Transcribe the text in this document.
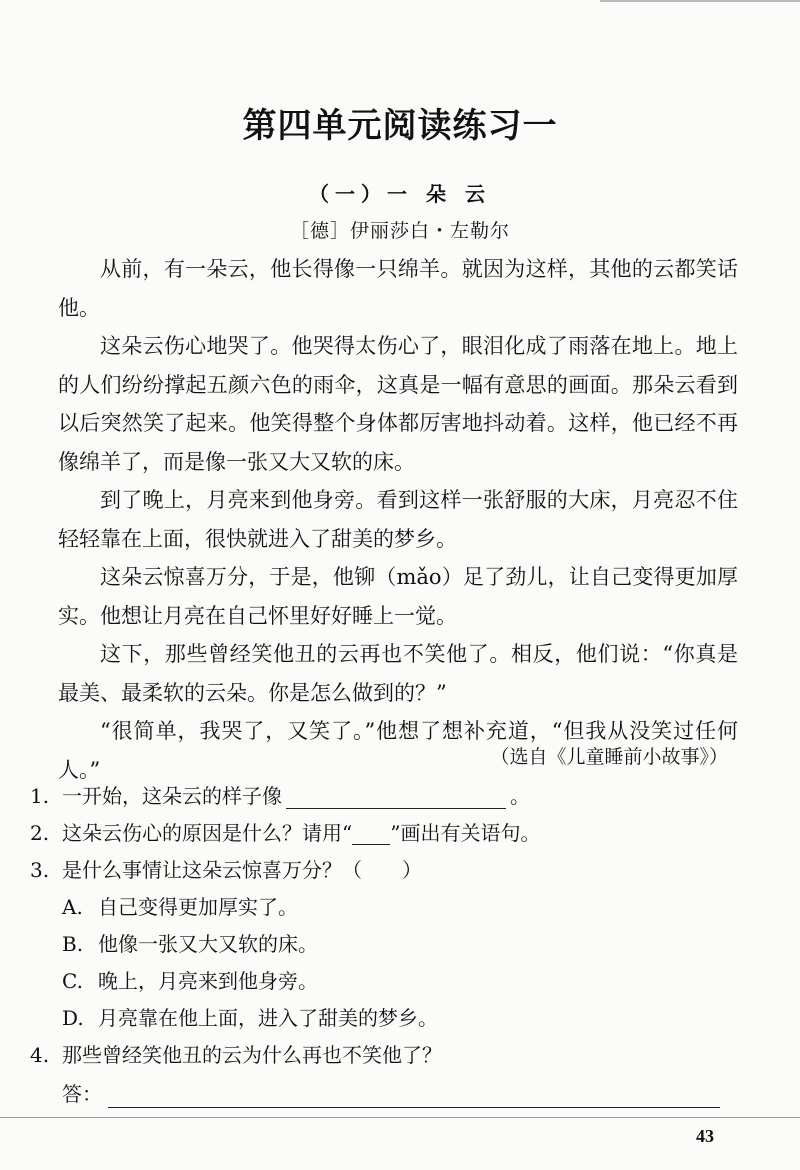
第四单元阅读练习一
（一）一 朵 云
［德］伊丽莎白・左勒尔

从前，有一朵云，他长得像一只绵羊。就因为这样，其他的云都笑话他。

这朵云伤心地哭了。他哭得太伤心了，眼泪化成了雨落在地上。地上的人们纷纷撑起五颜六色的雨伞，这真是一幅有意思的画面。那朵云看到以后突然笑了起来。他笑得整个身体都厉害地抖动着。这样，他已经不再像绵羊了，而是像一张又大又软的床。

到了晚上，月亮来到他身旁。看到这样一张舒服的大床，月亮忍不住轻轻靠在上面，很快就进入了甜美的梦乡。

这朵云惊喜万分，于是，他铆（mǎo）足了劲儿，让自己变得更加厚实。他想让月亮在自己怀里好好睡上一觉。

这下，那些曾经笑他丑的云再也不笑他了。相反，他们说：“你真是最美、最柔软的云朵。你是怎么做到的？”

“很简单，我哭了，又笑了。”他想了想补充道，“但我从没笑过任何人。”

（选自《儿童睡前小故事》）
1. 一开始，这朵云的样子像	。
2. 这朵云伤心的原因是什么？请用“ ”画出有关语句。
3. 是什么事情让这朵云惊喜万分？（ ）
A. 自己变得更加厚实了。
B. 他像一张又大又软的床。
C. 晚上，月亮来到他身旁。
D. 月亮靠在他上面，进入了甜美的梦乡。
4. 那些曾经笑他丑的云为什么再也不笑他了？
答：
43
